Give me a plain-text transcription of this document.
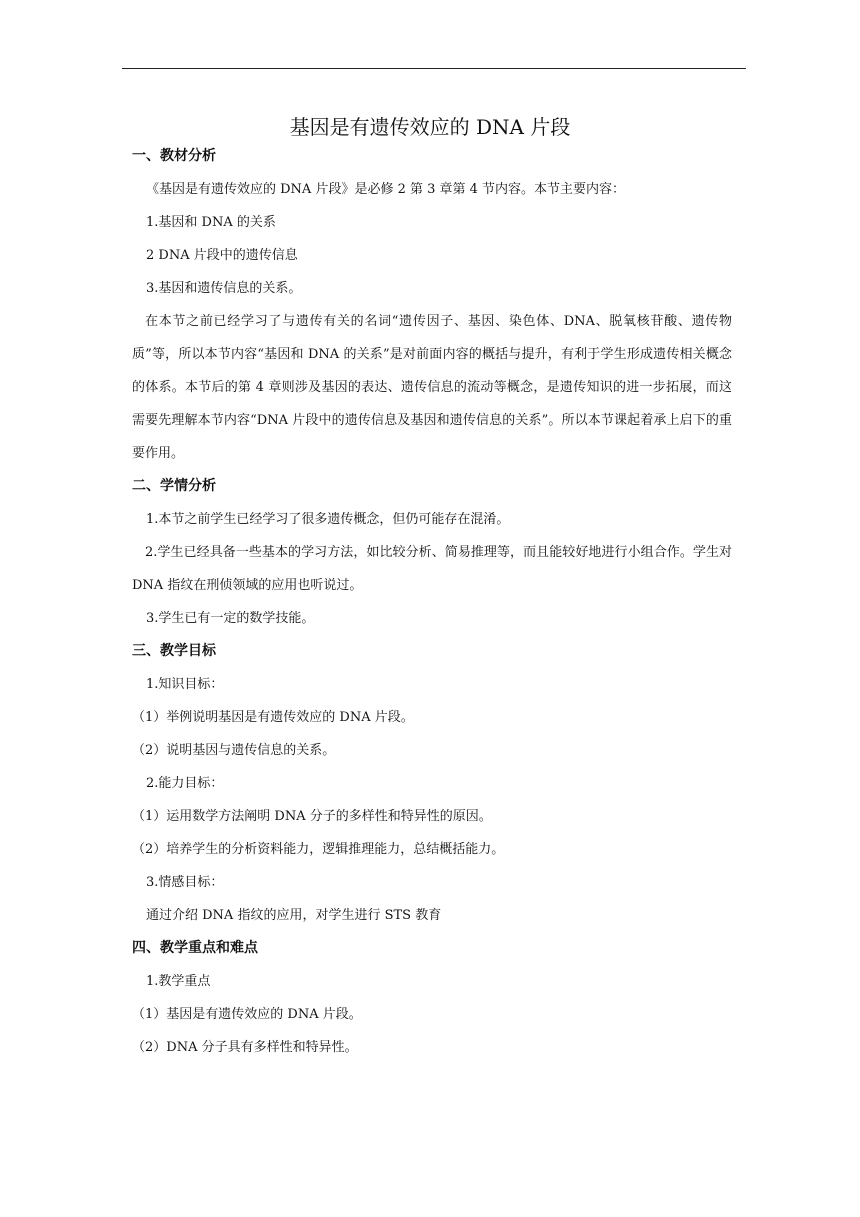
基因是有遗传效应的 DNA 片段

一、教材分析

《基因是有遗传效应的 DNA 片段》是必修 2 第 3 章第 4 节内容。本节主要内容：

1.基因和 DNA 的关系

2 DNA 片段中的遗传信息

3.基因和遗传信息的关系。

在本节之前已经学习了与遗传有关的名词“遗传因子、基因、染色体、DNA、脱氧核苷酸、遗传物质”等，所以本节内容“基因和 DNA 的关系”是对前面内容的概括与提升，有利于学生形成遗传相关概念的体系。本节后的第 4 章则涉及基因的表达、遗传信息的流动等概念，是遗传知识的进一步拓展，而这需要先理解本节内容“DNA 片段中的遗传信息及基因和遗传信息的关系”。所以本节课起着承上启下的重要作用。

二、学情分析

1.本节之前学生已经学习了很多遗传概念，但仍可能存在混淆。

2.学生已经具备一些基本的学习方法，如比较分析、简易推理等，而且能较好地进行小组合作。学生对 DNA 指纹在刑侦领域的应用也听说过。

3.学生已有一定的数学技能。

三、教学目标

1.知识目标：

（1）举例说明基因是有遗传效应的 DNA 片段。

（2）说明基因与遗传信息的关系。

2.能力目标：

（1）运用数学方法阐明 DNA 分子的多样性和特异性的原因。

（2）培养学生的分析资料能力，逻辑推理能力，总结概括能力。

3.情感目标：

通过介绍 DNA 指纹的应用，对学生进行 STS 教育

四、教学重点和难点

1.教学重点

（1）基因是有遗传效应的 DNA 片段。

（2）DNA 分子具有多样性和特异性。
